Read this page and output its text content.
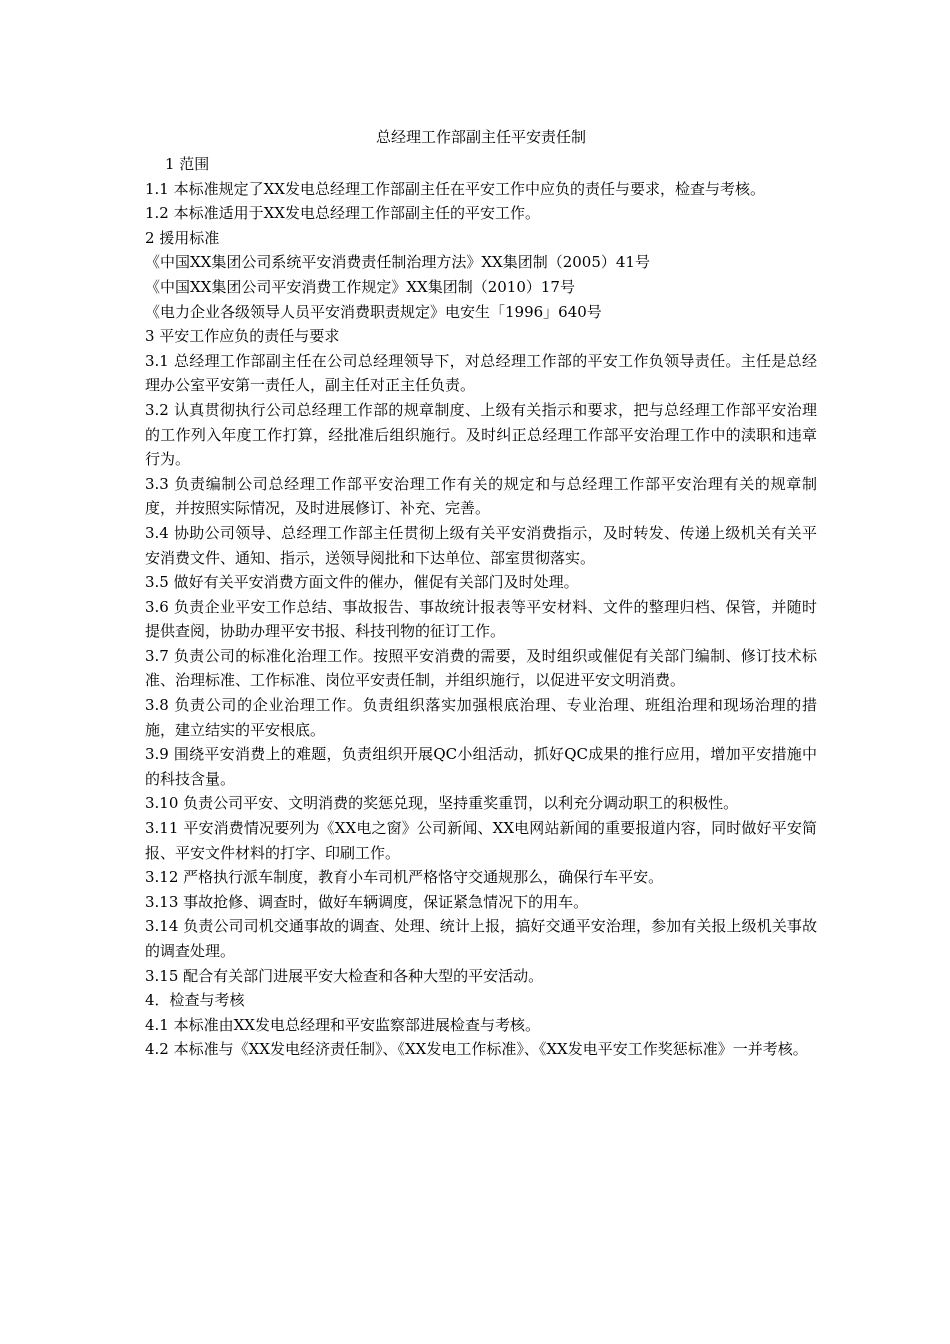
总经理工作部副主任平安责任制

1 范围

1.1 本标准规定了XX发电总经理工作部副主任在平安工作中应负的责任与要求，检查与考核。

1.2 本标准适用于XX发电总经理工作部副主任的平安工作。

2 援用标准

《中国XX集团公司系统平安消费责任制治理方法》XX集团制（2005）41号

《中国XX集团公司平安消费工作规定》XX集团制（2010）17号

《电力企业各级领导人员平安消费职责规定》电安生「1996」640号

3 平安工作应负的责任与要求

3.1 总经理工作部副主任在公司总经理领导下，对总经理工作部的平安工作负领导责任。主任是总经理办公室平安第一责任人，副主任对正主任负责。

3.2 认真贯彻执行公司总经理工作部的规章制度、上级有关指示和要求，把与总经理工作部平安治理的工作列入年度工作打算，经批准后组织施行。及时纠正总经理工作部平安治理工作中的渎职和违章行为。

3.3 负责编制公司总经理工作部平安治理工作有关的规定和与总经理工作部平安治理有关的规章制度，并按照实际情况，及时进展修订、补充、完善。

3.4 协助公司领导、总经理工作部主任贯彻上级有关平安消费指示，及时转发、传递上级机关有关平安消费文件、通知、指示，送领导阅批和下达单位、部室贯彻落实。

3.5 做好有关平安消费方面文件的催办，催促有关部门及时处理。

3.6 负责企业平安工作总结、事故报告、事故统计报表等平安材料、文件的整理归档、保管，并随时提供查阅，协助办理平安书报、科技刊物的征订工作。

3.7 负责公司的标准化治理工作。按照平安消费的需要，及时组织或催促有关部门编制、修订技术标准、治理标准、工作标准、岗位平安责任制，并组织施行，以促进平安文明消费。

3.8 负责公司的企业治理工作。负责组织落实加强根底治理、专业治理、班组治理和现场治理的措施，建立结实的平安根底。

3.9 围绕平安消费上的难题，负责组织开展QC小组活动，抓好QC成果的推行应用，增加平安措施中的科技含量。

3.10 负责公司平安、文明消费的奖惩兑现，坚持重奖重罚，以利充分调动职工的积极性。

3.11 平安消费情况要列为《XX电之窗》公司新闻、XX电网站新闻的重要报道内容，同时做好平安简报、平安文件材料的打字、印刷工作。

3.12 严格执行派车制度，教育小车司机严格恪守交通规那么，确保行车平安。

3.13 事故抢修、调查时，做好车辆调度，保证紧急情况下的用车。

3.14 负责公司司机交通事故的调查、处理、统计上报，搞好交通平安治理，参加有关报上级机关事故的调查处理。

3.15 配合有关部门进展平安大检查和各种大型的平安活动。

4．检查与考核

4.1 本标准由XX发电总经理和平安监察部进展检查与考核。

4.2 本标准与《XX发电经济责任制》、《XX发电工作标准》、《XX发电平安工作奖惩标准》一并考核。
